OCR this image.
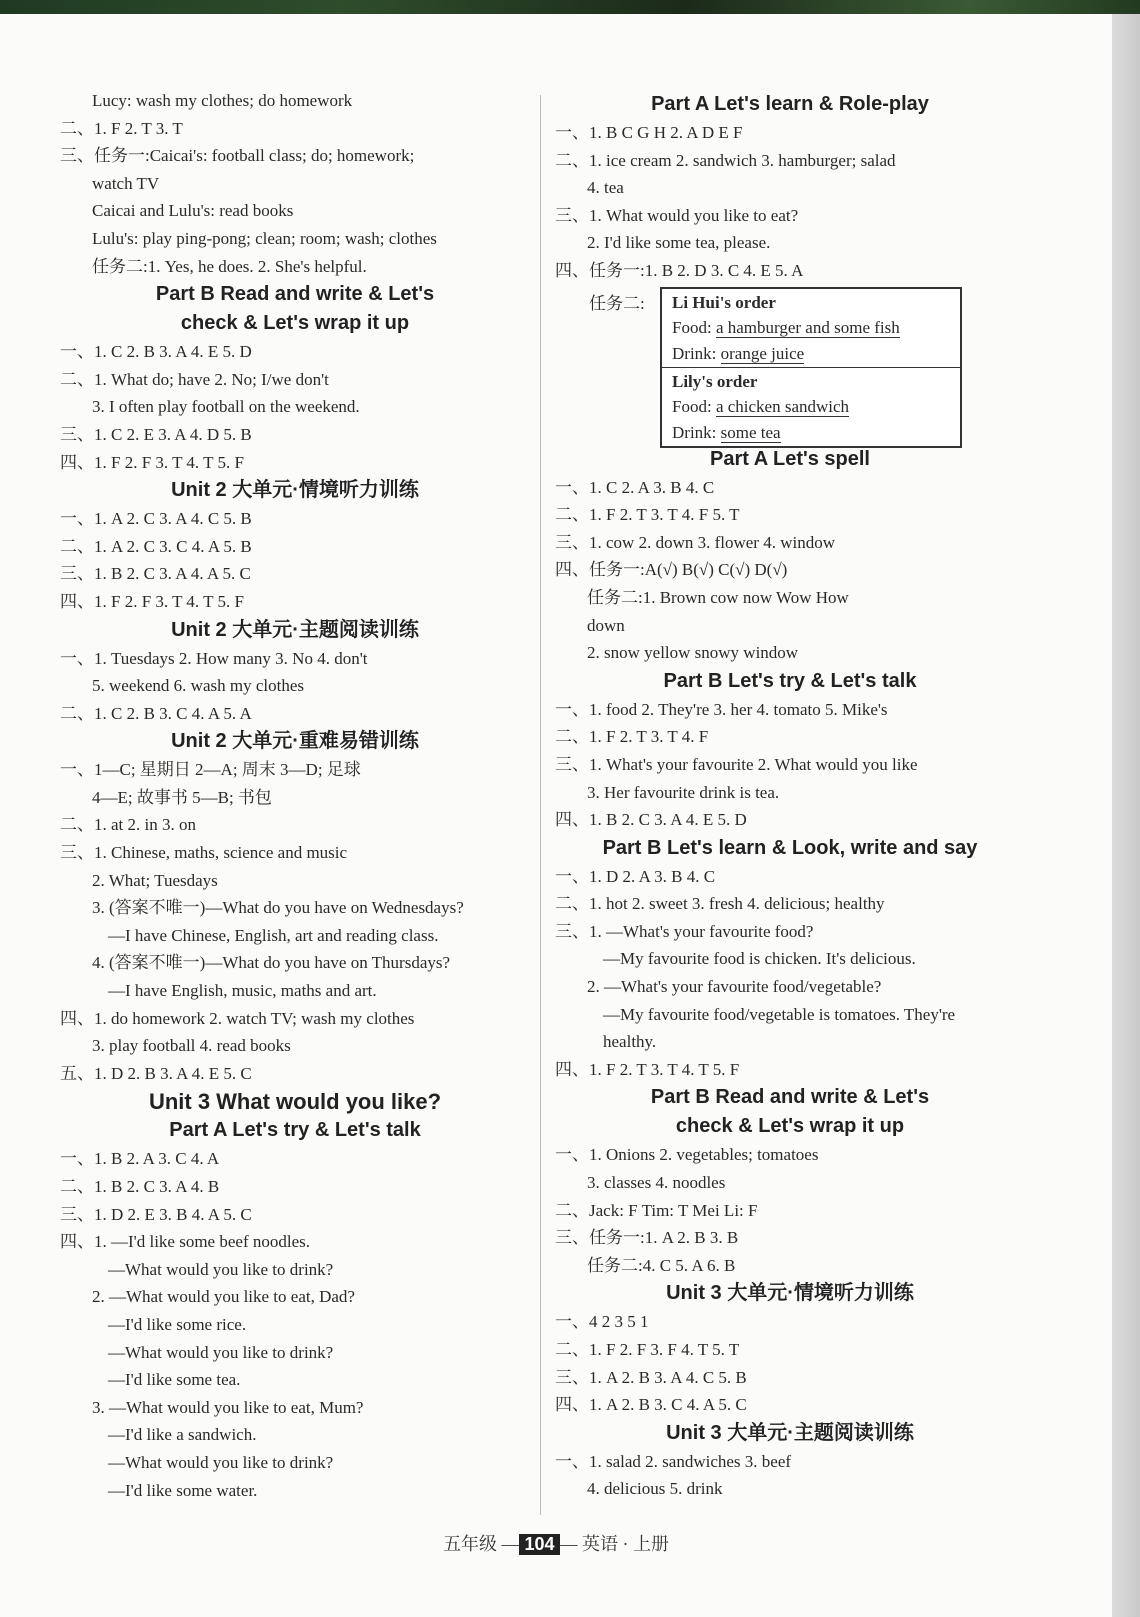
Lucy: wash my clothes; do homework
二、1. F 2. T 3. T
三、任务一:Caicai's: football class; do; homework;
watch TV
Caicai and Lulu's: read books
Lulu's: play ping-pong; clean; room; wash; clothes
任务二:1. Yes, he does. 2. She's helpful.
Part B Read and write & Let's
check & Let's wrap it up
一、1. C 2. B 3. A 4. E 5. D
二、1. What do; have 2. No; I/we don't
3. I often play football on the weekend.
三、1. C 2. E 3. A 4. D 5. B
四、1. F 2. F 3. T 4. T 5. F
Unit 2 大单元·情境听力训练
一、1. A 2. C 3. A 4. C 5. B
二、1. A 2. C 3. C 4. A 5. B
三、1. B 2. C 3. A 4. A 5. C
四、1. F 2. F 3. T 4. T 5. F
Unit 2 大单元·主题阅读训练
一、1. Tuesdays 2. How many 3. No 4. don't
5. weekend 6. wash my clothes
二、1. C 2. B 3. C 4. A 5. A
Unit 2 大单元·重难易错训练
一、1—C; 星期日 2—A; 周末 3—D; 足球
4—E; 故事书 5—B; 书包
二、1. at 2. in 3. on
三、1. Chinese, maths, science and music
2. What; Tuesdays
3. (答案不唯一)—What do you have on Wednesdays?
—I have Chinese, English, art and reading class.
4. (答案不唯一)—What do you have on Thursdays?
—I have English, music, maths and art.
四、1. do homework 2. watch TV; wash my clothes
3. play football 4. read books
五、1. D 2. B 3. A 4. E 5. C
Unit 3 What would you like?
Part A Let's try & Let's talk
一、1. B 2. A 3. C 4. A
二、1. B 2. C 3. A 4. B
三、1. D 2. E 3. B 4. A 5. C
四、1. —I'd like some beef noodles.
—What would you like to drink?
2. —What would you like to eat, Dad?
—I'd like some rice.
—What would you like to drink?
—I'd like some tea.
3. —What would you like to eat, Mum?
—I'd like a sandwich.
—What would you like to drink?
—I'd like some water.
Part A Let's learn & Role-play
一、1. B C G H 2. A D E F
二、1. ice cream 2. sandwich 3. hamburger; salad
4. tea
三、1. What would you like to eat?
2. I'd like some tea, please.
四、任务一:1. B 2. D 3. C 4. E 5. A
任务二: Li Hui's order
Food: a hamburger and some fish
Drink: orange juice
Lily's order
Food: a chicken sandwich
Drink: some tea
Part A Let's spell
一、1. C 2. A 3. B 4. C
二、1. F 2. T 3. T 4. F 5. T
三、1. cow 2. down 3. flower 4. window
四、任务一:A(√) B(√) C(√) D(√)
任务二:1. Brown cow now Wow How
down
2. snow yellow snowy window
Part B Let's try & Let's talk
一、1. food 2. They're 3. her 4. tomato 5. Mike's
二、1. F 2. T 3. T 4. F
三、1. What's your favourite 2. What would you like
3. Her favourite drink is tea.
四、1. B 2. C 3. A 4. E 5. D
Part B Let's learn & Look, write and say
一、1. D 2. A 3. B 4. C
二、1. hot 2. sweet 3. fresh 4. delicious; healthy
三、1. —What's your favourite food?
—My favourite food is chicken. It's delicious.
2. —What's your favourite food/vegetable?
—My favourite food/vegetable is tomatoes. They're
healthy.
四、1. F 2. T 3. T 4. T 5. F
Part B Read and write & Let's
check & Let's wrap it up
一、1. Onions 2. vegetables; tomatoes
3. classes 4. noodles
二、Jack: F Tim: T Mei Li: F
三、任务一:1. A 2. B 3. B
任务二:4. C 5. A 6. B
Unit 3 大单元·情境听力训练
一、4 2 3 5 1
二、1. F 2. F 3. F 4. T 5. T
三、1. A 2. B 3. A 4. C 5. B
四、1. A 2. B 3. C 4. A 5. C
Unit 3 大单元·主题阅读训练
一、1. salad 2. sandwiches 3. beef
4. delicious 5. drink
五年级 — 104 — 英语 · 上册
